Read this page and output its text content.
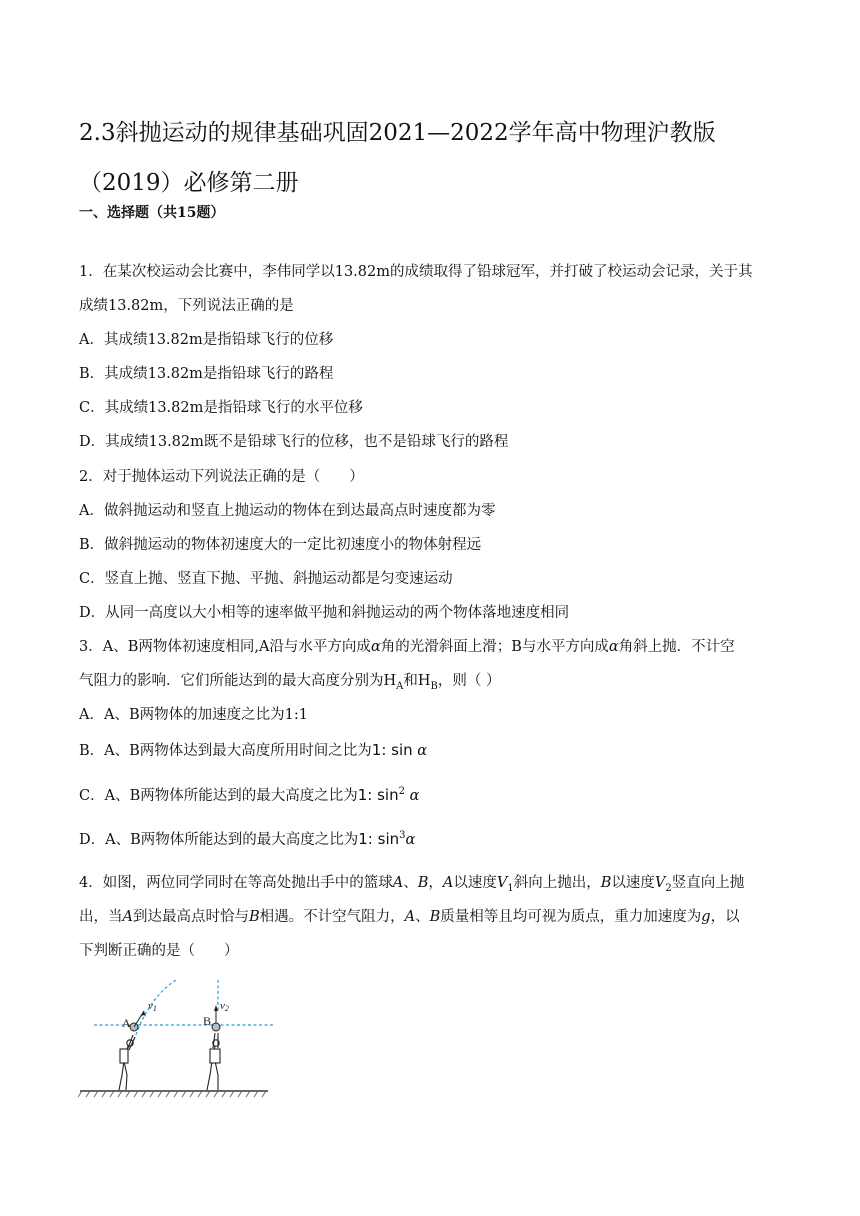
2.3斜抛运动的规律基础巩固2021—2022学年高中物理沪教版（2019）必修第二册
一、选择题（共15题）
1．在某次校运动会比赛中，李伟同学以13.82m的成绩取得了铅球冠军，并打破了校运动会记录，关于其
成绩13.82m，下列说法正确的是
A．其成绩13.82m是指铅球飞行的位移
B．其成绩13.82m是指铅球飞行的路程
C．其成绩13.82m是指铅球飞行的水平位移
D．其成绩13.82m既不是铅球飞行的位移，也不是铅球飞行的路程
2．对于抛体运动下列说法正确的是（　　）
A．做斜抛运动和竖直上抛运动的物体在到达最高点时速度都为零
B．做斜抛运动的物体初速度大的一定比初速度小的物体射程远
C．竖直上抛、竖直下抛、平抛、斜抛运动都是匀变速运动
D．从同一高度以大小相等的速率做平抛和斜抛运动的两个物体落地速度相同
3．A、B两物体初速度相同,A沿与水平方向成α角的光滑斜面上滑；B与水平方向成α角斜上抛．不计空
气阻力的影响．它们所能达到的最大高度分别为$H_A$和$H_B$，则（ ）
A．A、B两物体的加速度之比为1:1
B．A、B两物体达到最大高度所用时间之比为1: sin α
C．A、B两物体所能达到的最大高度之比为1: $\sin^2 \alpha$
D．A、B两物体所能达到的最大高度之比为1: $\sin^3\alpha$
4．如图，两位同学同时在等高处抛出手中的篮球A、B，A以速度$V_1$斜向上抛出，B以速度$V_2$竖直向上抛
出，当A到达最高点时恰与B相遇。不计空气阻力，A、B质量相等且均可视为质点，重力加速度为g，以
下判断正确的是（　　）
A
v1
B
v2
